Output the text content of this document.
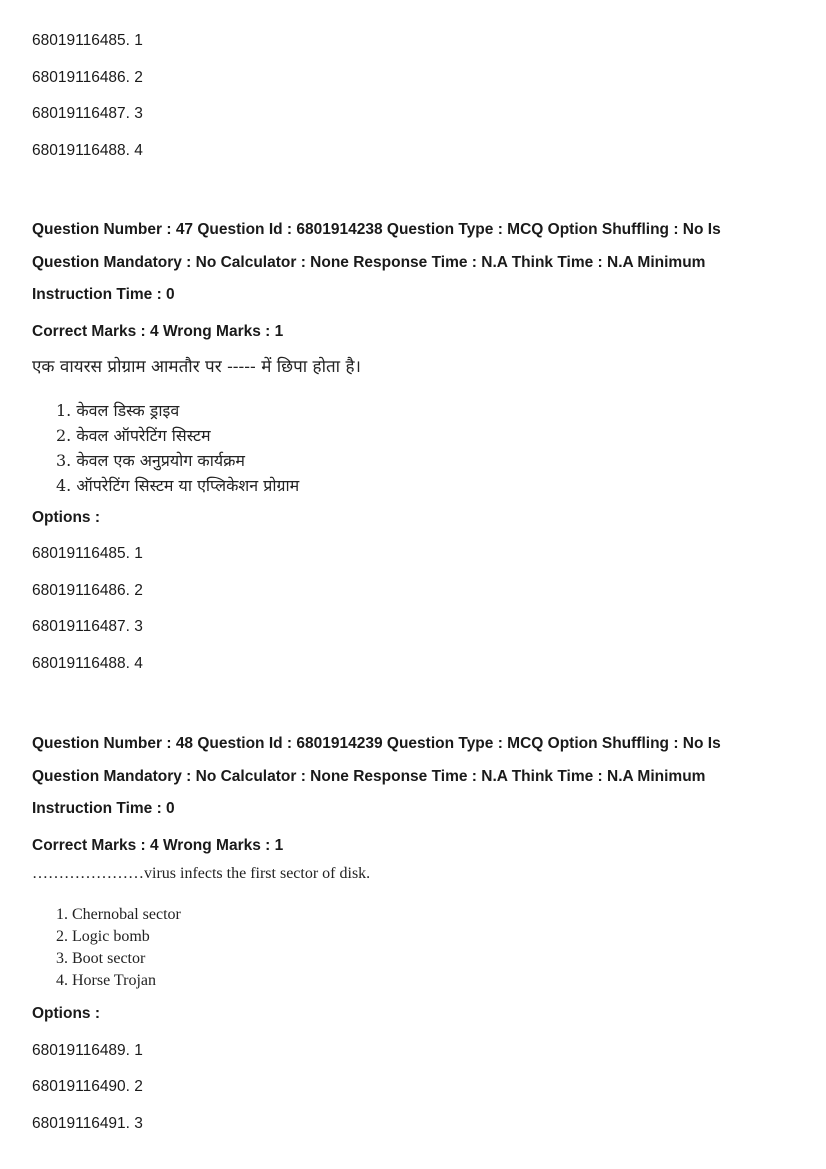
68019116485. 1
68019116486. 2
68019116487. 3
68019116488. 4
Question Number : 47 Question Id : 6801914238 Question Type : MCQ Option Shuffling : No Is
Question Mandatory : No Calculator : None Response Time : N.A Think Time : N.A Minimum
Instruction Time : 0
Correct Marks : 4 Wrong Marks : 1
एक वायरस प्रोग्राम आमतौर पर ----- में छिपा होता है।
1. केवल डिस्क ड्राइव
2. केवल ऑपरेटिंग सिस्टम
3. केवल एक अनुप्रयोग कार्यक्रम
4. ऑपरेटिंग सिस्टम या एप्लिकेशन प्रोग्राम
Options :
68019116485. 1
68019116486. 2
68019116487. 3
68019116488. 4
Question Number : 48 Question Id : 6801914239 Question Type : MCQ Option Shuffling : No Is
Question Mandatory : No Calculator : None Response Time : N.A Think Time : N.A Minimum
Instruction Time : 0
Correct Marks : 4 Wrong Marks : 1
…………………virus infects the first sector of disk.
1. Chernobal sector
2. Logic bomb
3. Boot sector
4. Horse Trojan
Options :
68019116489. 1
68019116490. 2
68019116491. 3
